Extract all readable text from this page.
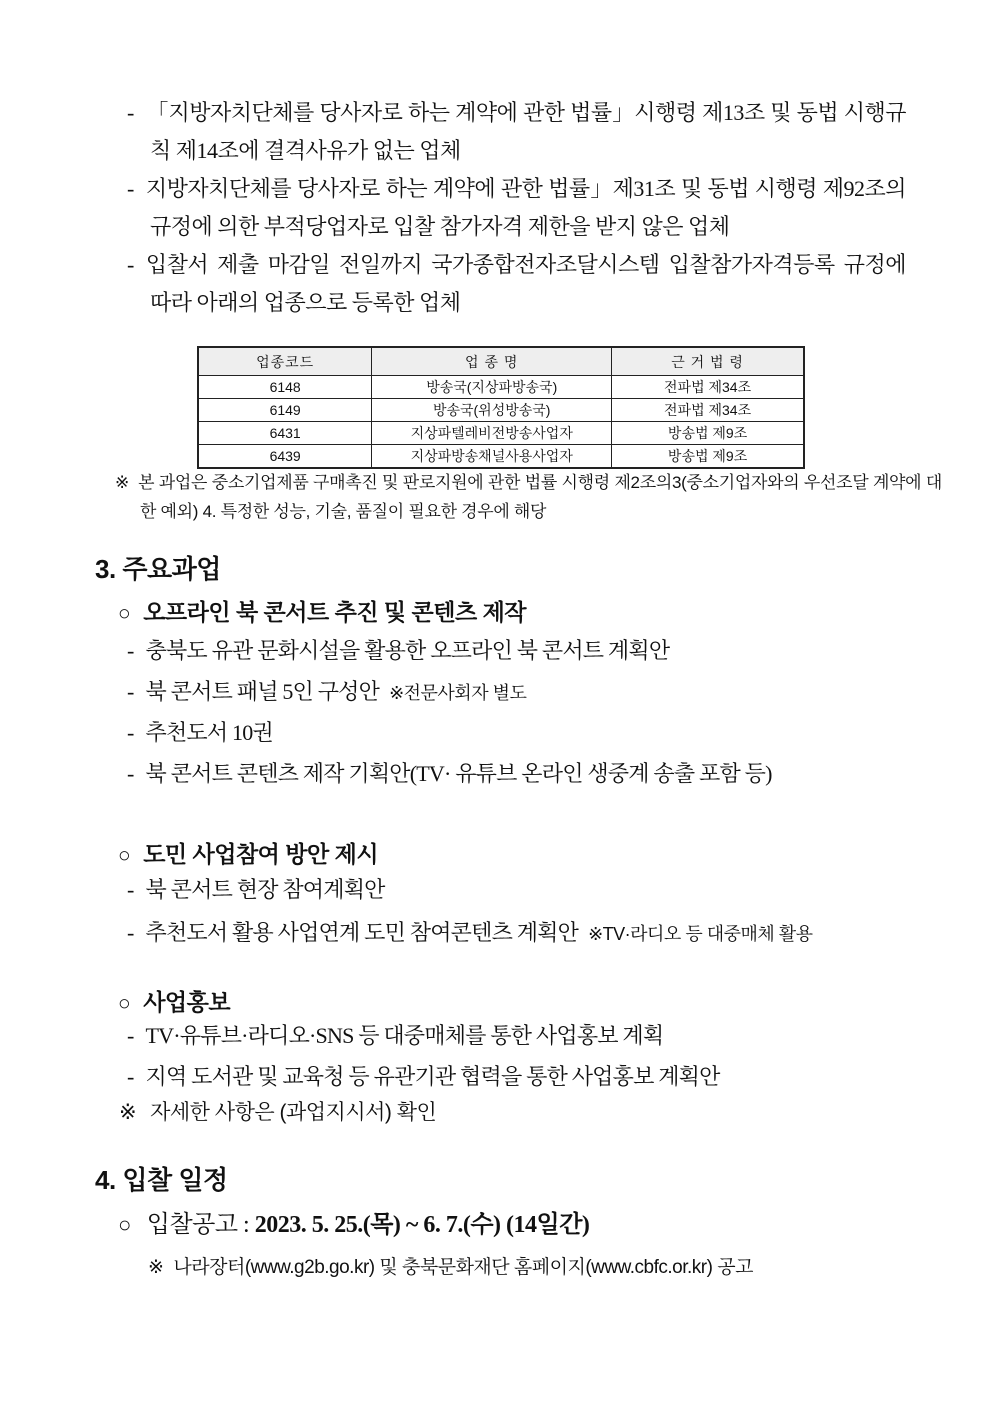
- 「지방자치단체를 당사자로 하는 계약에 관한 법률」시행령 제13조 및 동법 시행규칙 제14조에 결격사유가 없는 업체
- 지방자치단체를 당사자로 하는 계약에 관한 법률」제31조 및 동법 시행령 제92조의 규정에 의한 부적당업자로 입찰 참가자격 제한을 받지 않은 업체
- 입찰서 제출 마감일 전일까지 국가종합전자조달시스템 입찰참가자격등록 규정에 따라 아래의 업종으로 등록한 업체
업종코드	업 종 명	근 거 법 령
6148	방송국(지상파방송국)	전파법 제34조
6149	방송국(위성방송국)	전파법 제34조
6431	지상파텔레비전방송사업자	방송법 제9조
6439	지상파방송채널사용사업자	방송법 제9조
※ 본 과업은 중소기업제품 구매촉진 및 판로지원에 관한 법률 시행령 제2조의3(중소기업자와의 우선조달 계약에 대한 예외) 4. 특정한 성능, 기술, 품질이 필요한 경우에 해당
3. 주요과업
○ 오프라인 북 콘서트 추진 및 콘텐츠 제작
- 충북도 유관 문화시설을 활용한 오프라인 북 콘서트 계획안
- 북 콘서트 패널 5인 구성안 ※전문사회자 별도
- 추천도서 10권
- 북 콘서트 콘텐츠 제작 기획안(TV· 유튜브 온라인 생중계 송출 포함 등)
○ 도민 사업참여 방안 제시
- 북 콘서트 현장 참여계획안
- 추천도서 활용 사업연계 도민 참여콘텐츠 계획안 ※TV·라디오 등 대중매체 활용
○ 사업홍보
- TV·유튜브·라디오·SNS 등 대중매체를 통한 사업홍보 계획
- 지역 도서관 및 교육청 등 유관기관 협력을 통한 사업홍보 계획안
※ 자세한 사항은 (과업지시서) 확인
4. 입찰 일정
○ 입찰공고 : 2023. 5. 25.(목) ~ 6. 7.(수) (14일간)
※ 나라장터(www.g2b.go.kr) 및 충북문화재단 홈페이지(www.cbfc.or.kr) 공고
